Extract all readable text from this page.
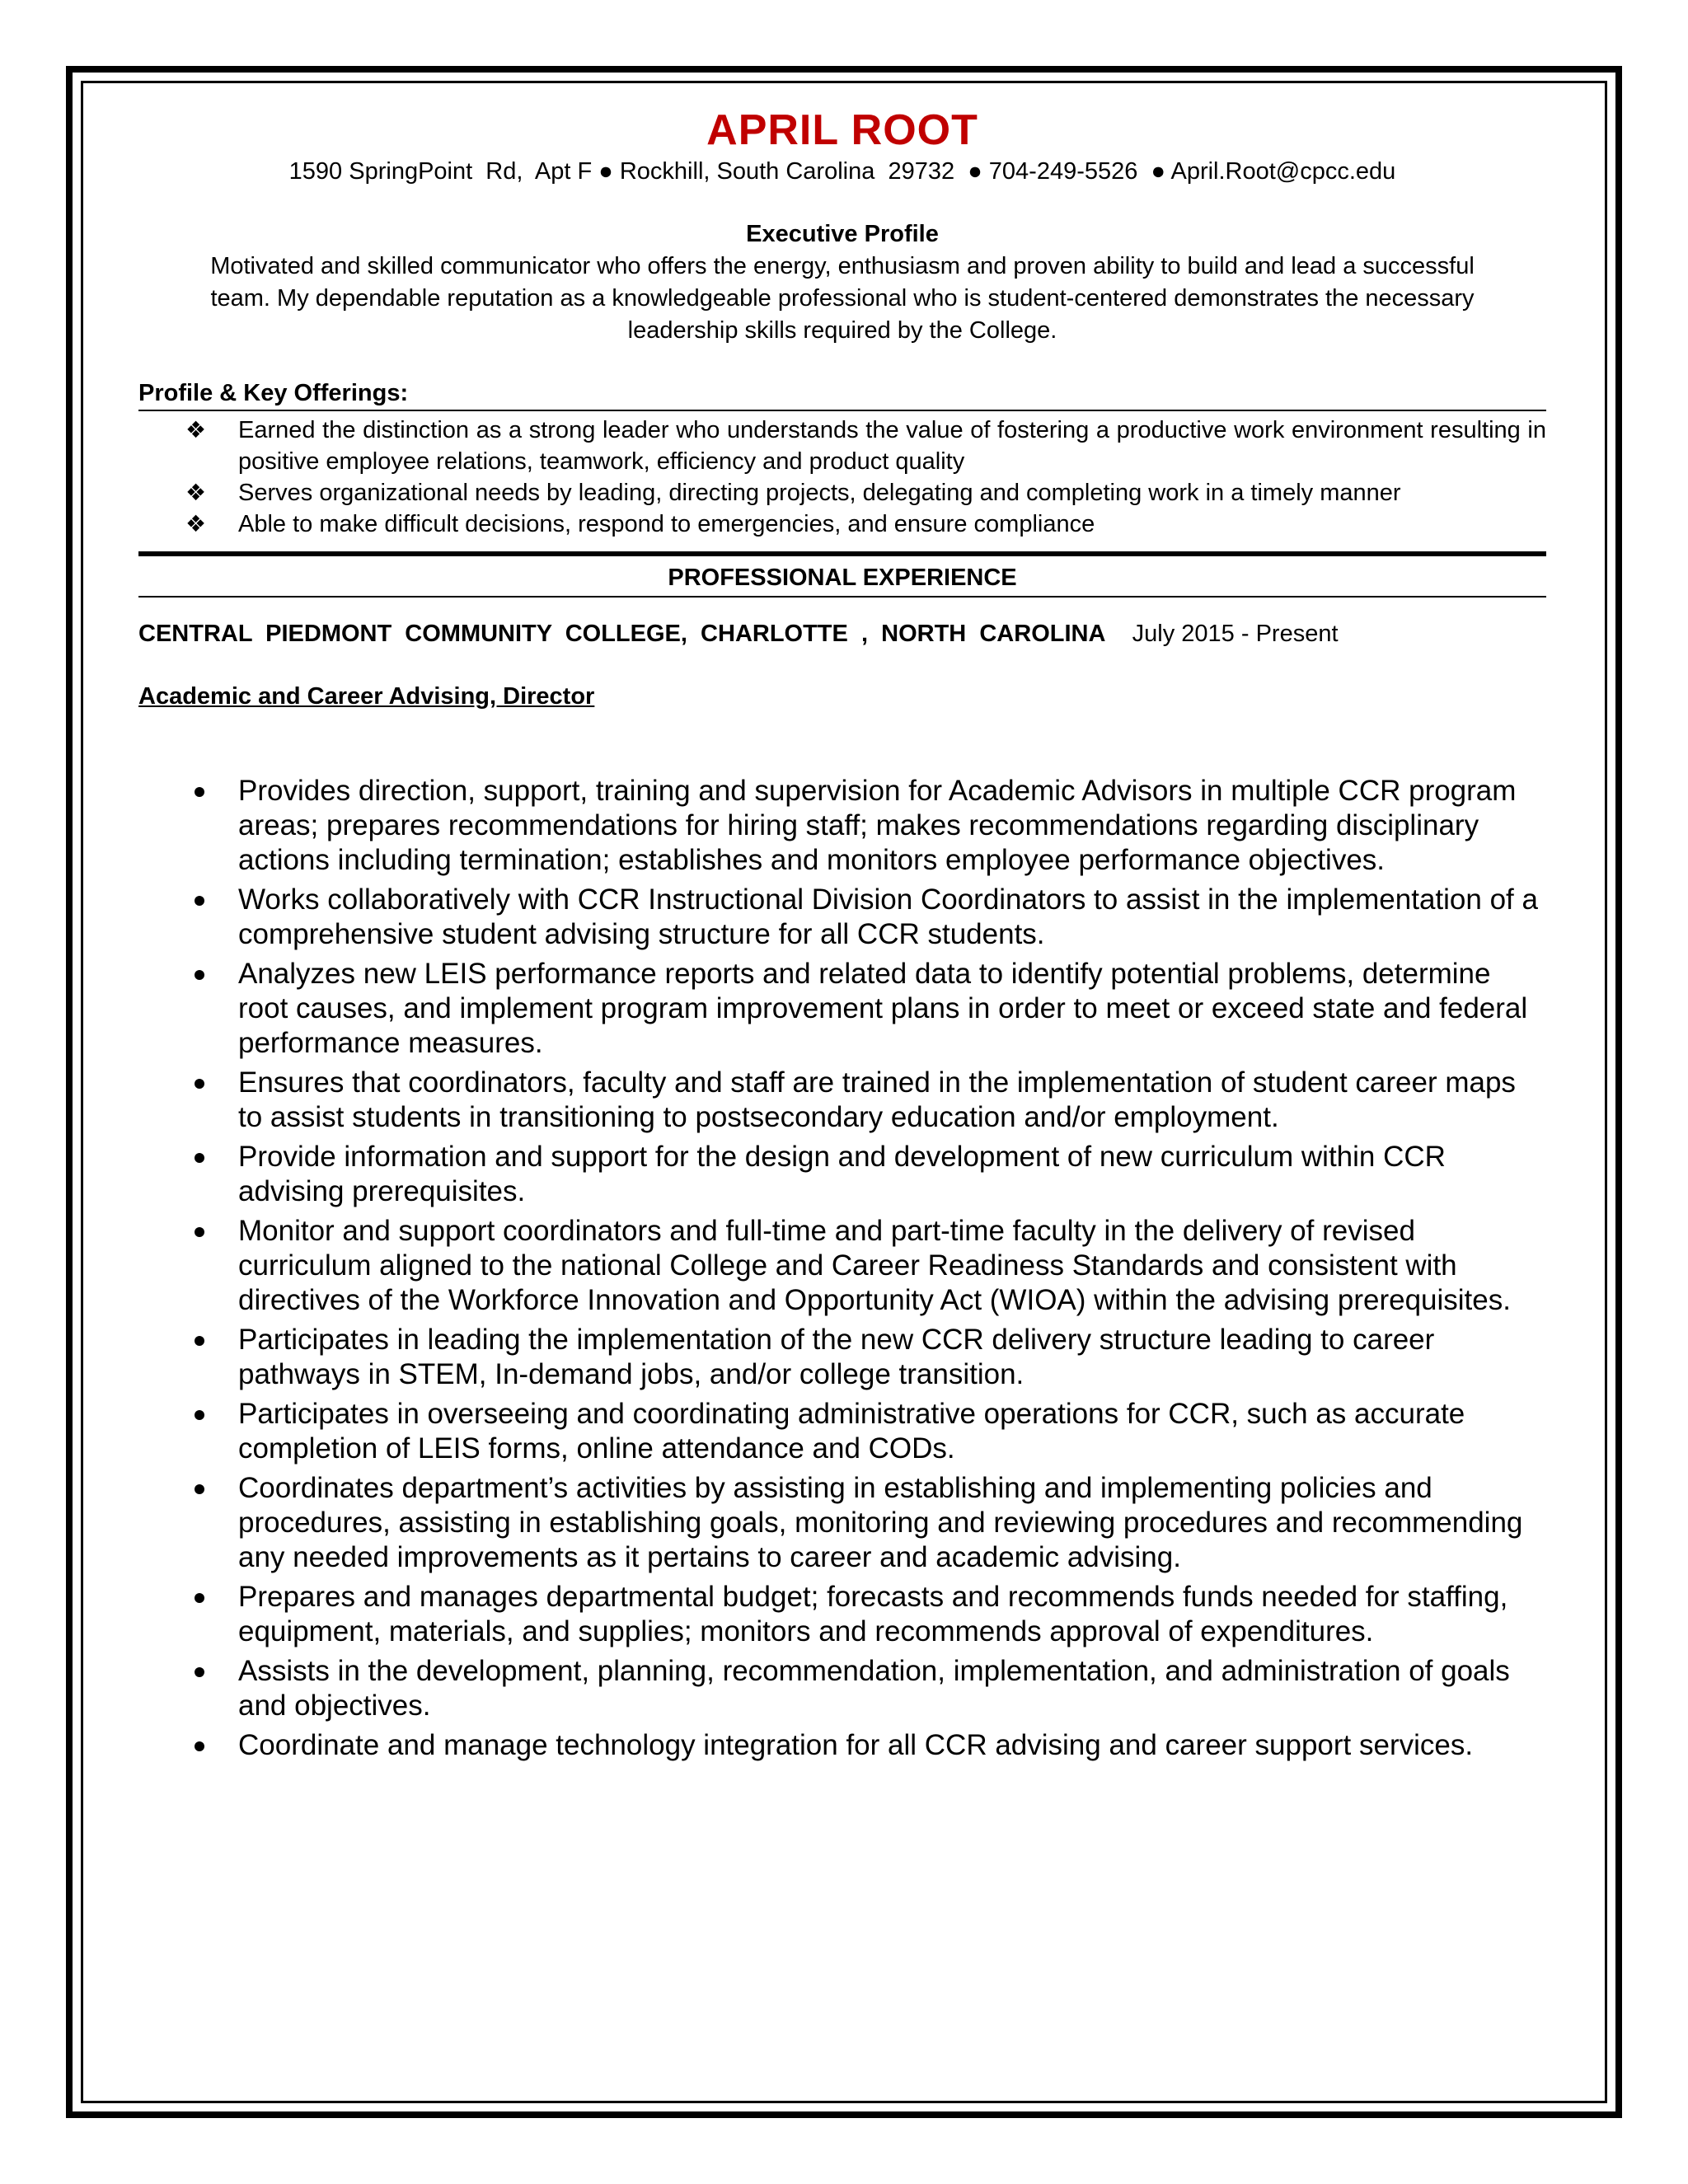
APRIL ROOT
1590 SpringPoint  Rd,  Apt F ● Rockhill, South Carolina  29732  ● 704-249-5526  ● April.Root@cpcc.edu
Executive Profile
Motivated and skilled communicator who offers the energy, enthusiasm and proven ability to build and lead a successful team. My dependable reputation as a knowledgeable professional who is student-centered demonstrates the necessary leadership skills required by the College.
Profile & Key Offerings:
❖ Earned the distinction as a strong leader who understands the value of fostering a productive work environment resulting in positive employee relations, teamwork, efficiency and product quality
❖ Serves organizational needs by leading, directing projects, delegating and completing work in a timely manner
❖ Able to make difficult decisions, respond to emergencies, and ensure compliance
PROFESSIONAL EXPERIENCE
CENTRAL  PIEDMONT  COMMUNITY  COLLEGE,  CHARLOTTE  ,  NORTH  CAROLINA July 2015 - Present
Academic and Career Advising, Director
Provides direction, support, training and supervision for Academic Advisors in multiple CCR program areas; prepares recommendations for hiring staff; makes recommendations regarding disciplinary actions including termination; establishes and monitors employee performance objectives.
Works collaboratively with CCR Instructional Division Coordinators to assist in the implementation of a comprehensive student advising structure for all CCR students.
Analyzes new LEIS performance reports and related data to identify potential problems, determine root causes, and implement program improvement plans in order to meet or exceed state and federal performance measures.
Ensures that coordinators, faculty and staff are trained in the implementation of student career maps to assist students in transitioning to postsecondary education and/or employment.
Provide information and support for the design and development of new curriculum within CCR advising prerequisites.
Monitor and support coordinators and full-time and part-time faculty in the delivery of revised curriculum aligned to the national College and Career Readiness Standards and consistent with directives of the Workforce Innovation and Opportunity Act (WIOA) within the advising prerequisites.
Participates in leading the implementation of the new CCR delivery structure leading to career pathways in STEM, In-demand jobs, and/or college transition.
Participates in overseeing and coordinating administrative operations for CCR, such as accurate completion of LEIS forms, online attendance and CODs.
Coordinates department’s activities by assisting in establishing and implementing policies and procedures, assisting in establishing goals, monitoring and reviewing procedures and recommending any needed improvements as it pertains to career and academic advising.
Prepares and manages departmental budget; forecasts and recommends funds needed for staffing, equipment, materials, and supplies; monitors and recommends approval of expenditures.
Assists in the development, planning, recommendation, implementation, and administration of goals and objectives.
Coordinate and manage technology integration for all CCR advising and career support services.
